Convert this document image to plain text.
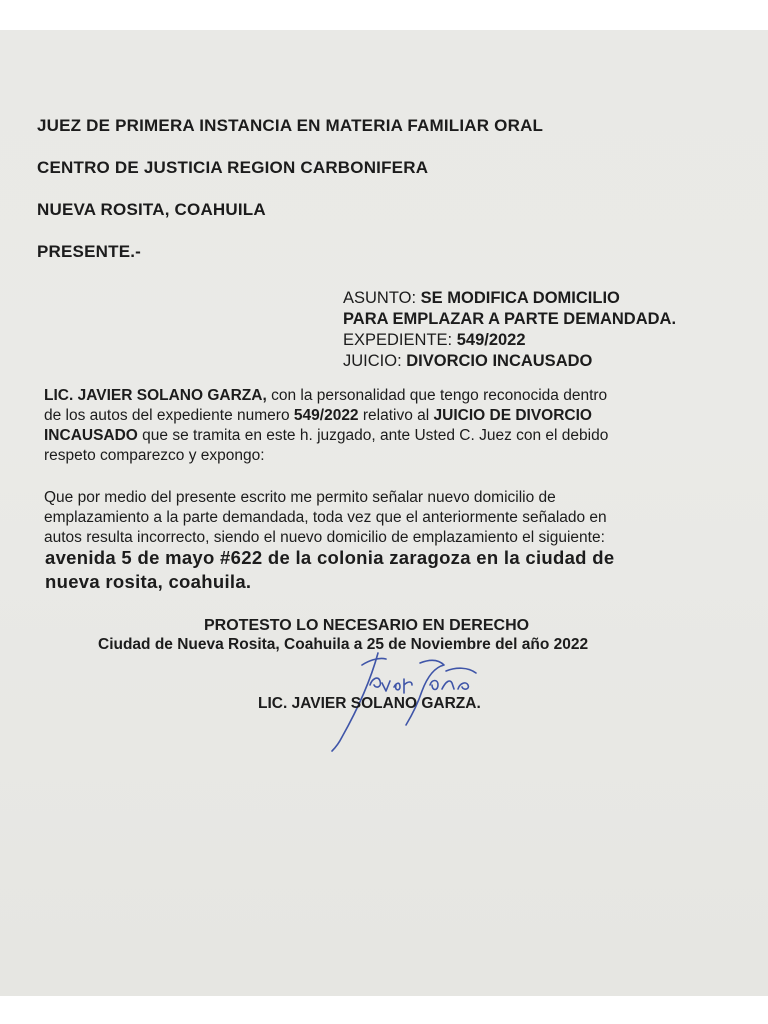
JUEZ DE PRIMERA INSTANCIA EN MATERIA FAMILIAR ORAL
CENTRO DE JUSTICIA REGION CARBONIFERA
NUEVA ROSITA, COAHUILA
PRESENTE.-
ASUNTO: SE MODIFICA DOMICILIO
PARA EMPLAZAR A PARTE DEMANDADA.
EXPEDIENTE: 549/2022
JUICIO: DIVORCIO INCAUSADO
LIC. JAVIER SOLANO GARZA, con la personalidad que tengo reconocida dentro
de los autos del expediente numero 549/2022 relativo al JUICIO DE DIVORCIO
INCAUSADO que se tramita en este h. juzgado, ante Usted C. Juez con el debido
respeto comparezco y expongo:
Que por medio del presente escrito me permito señalar nuevo domicilio de
emplazamiento a la parte demandada, toda vez que el anteriormente señalado en
autos resulta incorrecto, siendo el nuevo domicilio de emplazamiento el siguiente:
avenida 5 de mayo #622 de la colonia zaragoza en la ciudad de
nueva rosita, coahuila.
PROTESTO LO NECESARIO EN DERECHO
Ciudad de Nueva Rosita, Coahuila a 25 de Noviembre del año 2022
LIC. JAVIER SOLANO GARZA.
